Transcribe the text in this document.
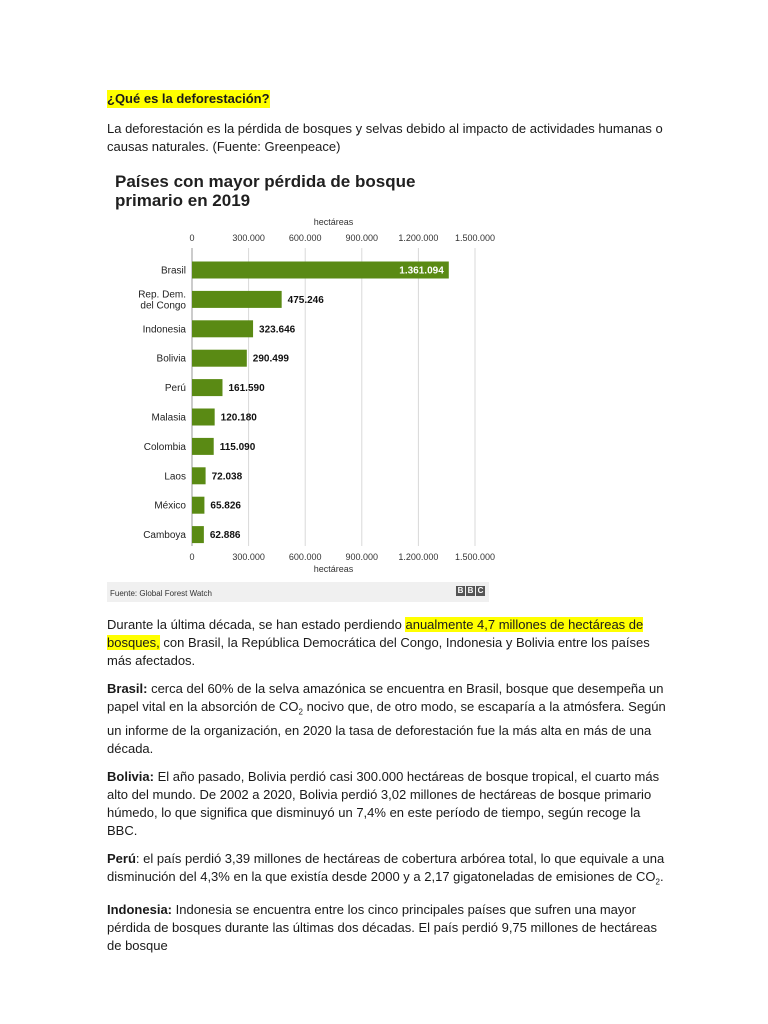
¿Qué es la deforestación?

La deforestación es la pérdida de bosques y selvas debido al impacto de actividades humanas o causas naturales. (Fuente: Greenpeace)

hectáreas
0
0
300.000
300.000
600.000
600.000
900.000
900.000
1.200.000
1.200.000
1.500.000
1.500.000
hectáreas
Brasil	1.361.094
Rep. Dem.
del Congo	475.246
Indonesia	323.646
Bolivia	290.499
Perú	161.590
Malasia	120.180
Colombia	115.090
Laos	72.038
México 65.826
Camboya 62.886
Países con mayor pérdida de bosque primario en 2019
Fuente: Global Forest Watch	B B C

Durante la última década, se han estado perdiendo anualmente 4,7 millones de hectáreas de bosques, con Brasil, la República Democrática del Congo, Indonesia y Bolivia entre los países más afectados.

Brasil: cerca del 60% de la selva amazónica se encuentra en Brasil, bosque que desempeña un papel vital en la absorción de $CO_2$ nocivo que, de otro modo, se escaparía a la atmósfera. Según un informe de la organización, en 2020 la tasa de deforestación fue la más alta en más de una década.

Bolivia: El año pasado, Bolivia perdió casi 300.000 hectáreas de bosque tropical, el cuarto más alto del mundo. De 2002 a 2020, Bolivia perdió 3,02 millones de hectáreas de bosque primario húmedo, lo que significa que disminuyó un 7,4% en este período de tiempo, según recoge la BBC.

Perú: el país perdió 3,39 millones de hectáreas de cobertura arbórea total, lo que equivale a una disminución del 4,3% en la que existía desde 2000 y a 2,17 gigatoneladas de emisiones de $CO_2$.

Indonesia: Indonesia se encuentra entre los cinco principales países que sufren una mayor pérdida de bosques durante las últimas dos décadas. El país perdió 9,75 millones de hectáreas de bosque
